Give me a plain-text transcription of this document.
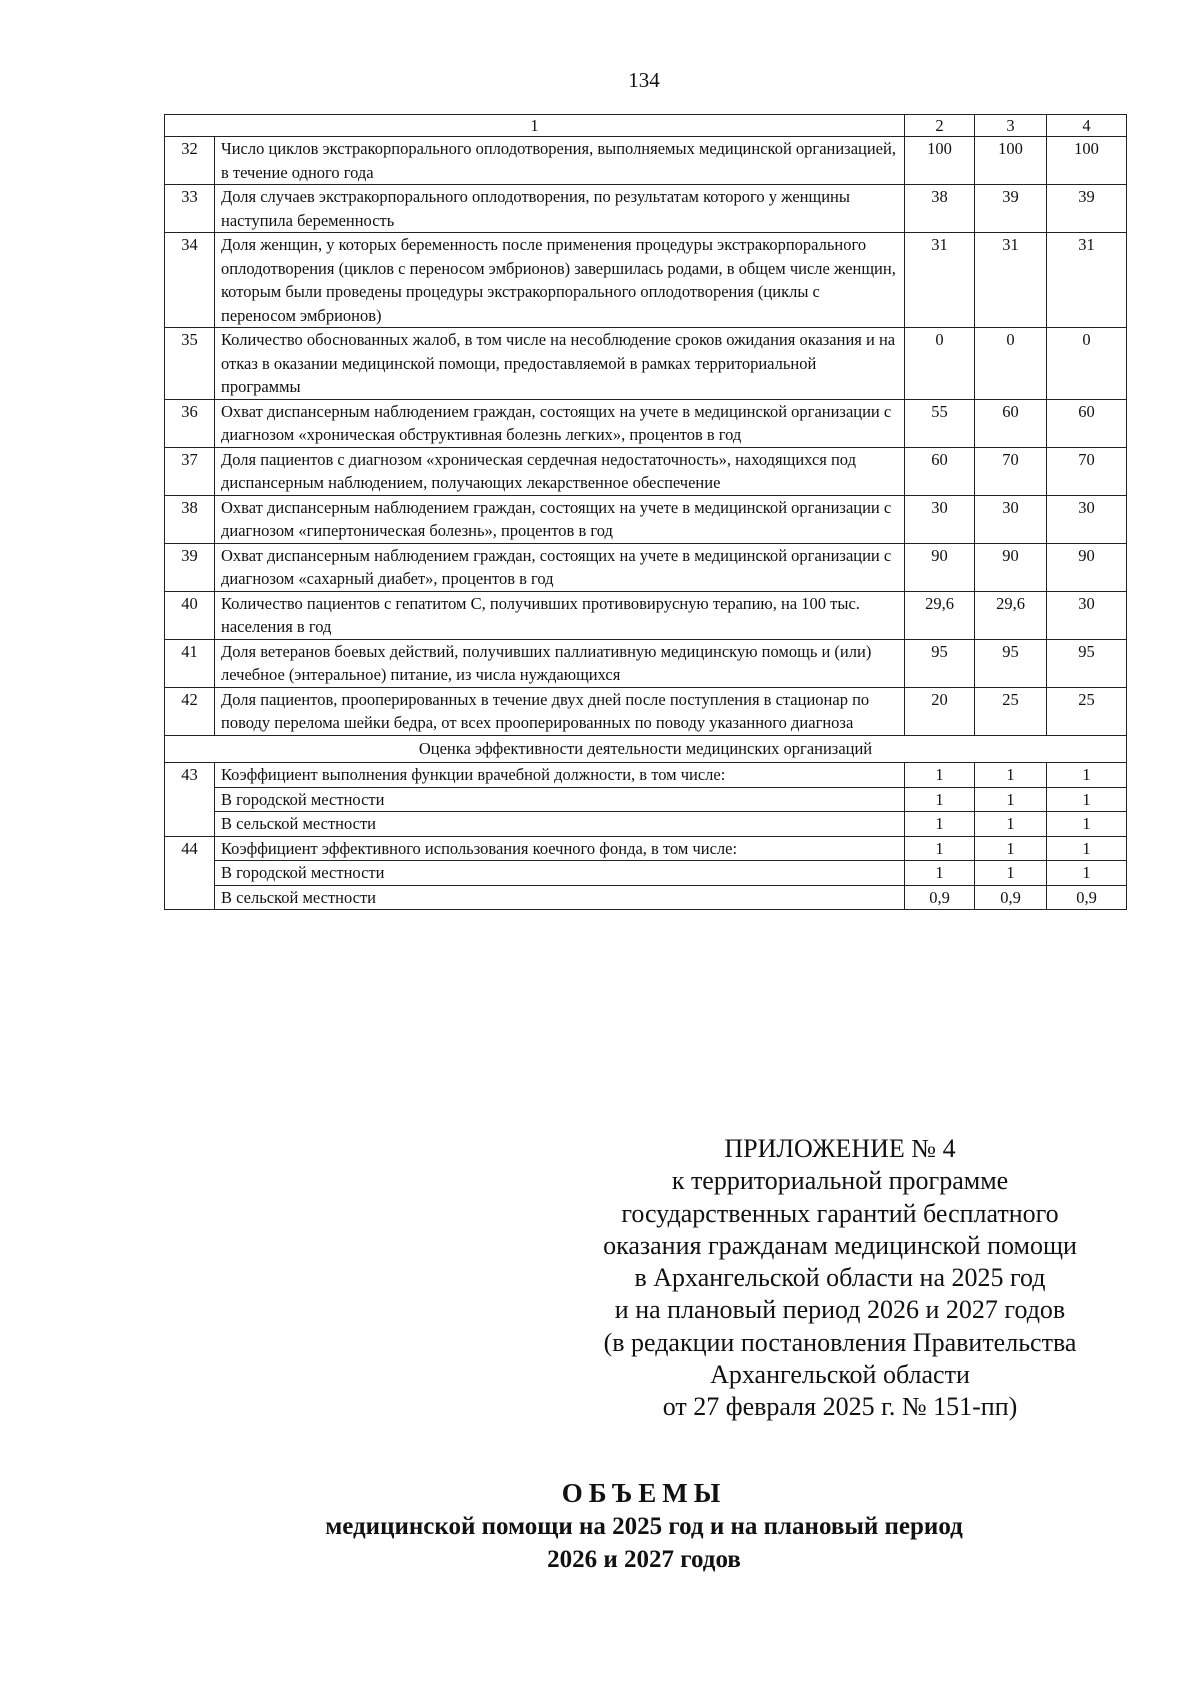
134
1		2	3	4
32	Число циклов экстракорпорального оплодотворения, выполняемых медицинской организацией, в течение одного года	100	100	100
33	Доля случаев экстракорпорального оплодотворения, по результатам которого у женщины наступила беременность	38	39	39
34	Доля женщин, у которых беременность после применения процедуры экстракорпорального оплодотворения (циклов с переносом эмбрионов) завершилась родами, в общем числе женщин, которым были проведены процедуры экстракорпорального оплодотворения (циклы с переносом эмбрионов)	31	31	31
35	Количество обоснованных жалоб, в том числе на несоблюдение сроков ожидания оказания и на отказ в оказании медицинской помощи, предоставляемой в рамках территориальной программы	0	0	0
36	Охват диспансерным наблюдением граждан, состоящих на учете в медицинской организации с диагнозом «хроническая обструктивная болезнь легких», процентов в год	55	60	60
37	Доля пациентов с диагнозом «хроническая сердечная недостаточность», находящихся под диспансерным наблюдением, получающих лекарственное обеспечение	60	70	70
38	Охват диспансерным наблюдением граждан, состоящих на учете в медицинской организации с диагнозом «гипертоническая болезнь», процентов в год	30	30	30
39	Охват диспансерным наблюдением граждан, состоящих на учете в медицинской организации с диагнозом «сахарный диабет», процентов в год	90	90	90
40	Количество пациентов с гепатитом С, получивших противовирусную терапию, на 100 тыс. населения в год	29,6	29,6	30
41	Доля ветеранов боевых действий, получивших паллиативную медицинскую помощь и (или) лечебное (энтеральное) питание, из числа нуждающихся	95	95	95
42	Доля пациентов, прооперированных в течение двух дней после поступления в стационар по поводу перелома шейки бедра, от всех прооперированных по поводу указанного диагноза	20	25	25
Оценка эффективности деятельности медицинских организаций				
43	Коэффициент выполнения функции врачебной должности, в том числе:	1	1	1
	В городской местности	1	1	1
	В сельской местности	1	1	1
44	Коэффициент эффективного использования коечного фонда, в том числе:	1	1	1
	В городской местности	1	1	1
	В сельской местности	0,9	0,9	0,9
ПРИЛОЖЕНИЕ № 4
к территориальной программе
государственных гарантий бесплатного
оказания гражданам медицинской помощи
в Архангельской области на 2025 год
и на плановый период 2026 и 2027 годов
(в редакции постановления Правительства
Архангельской области
от 27 февраля 2025 г. № 151-пп)
ОБЪЕМЫ
медицинской помощи на 2025 год и на плановый период
2026 и 2027 годов
